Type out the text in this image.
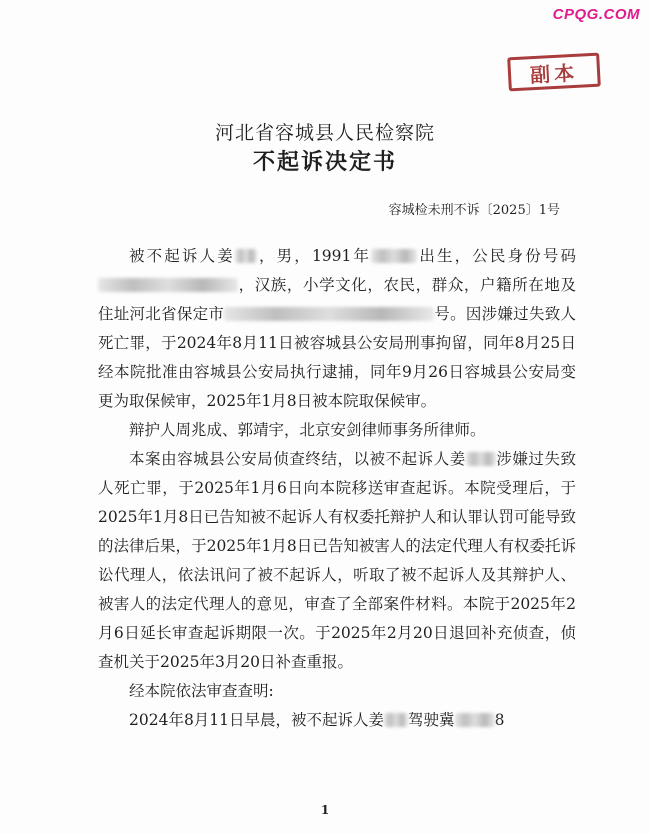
CPQG.COM
副本
河北省容城县人民检察院
不起诉决定书
容城检未刑不诉〔2025〕1号

被不起诉人姜 ，男，1991年	出生，公民身份号码，汉族，小学文化，农民，群众，户籍所在地及住址河北省保定市	号。因涉嫌过失致人死亡罪，于2024年8月11日被容城县公安局刑事拘留，同年8月25日经本院批准由容城县公安局执行逮捕，同年9月26日容城县公安局变更为取保候审，2025年1月8日被本院取保候审。

辩护人周兆成、郭靖宇，北京安剑律师事务所律师。

本案由容城县公安局侦查终结，以被不起诉人姜 涉嫌过失致人死亡罪，于2025年1月6日向本院移送审查起诉。本院受理后，于2025年1月8日已告知被不起诉人有权委托辩护人和认罪认罚可能导致的法律后果，于2025年1月8日已告知被害人的法定代理人有权委托诉讼代理人，依法讯问了被不起诉人，听取了被不起诉人及其辩护人、被害人的法定代理人的意见，审查了全部案件材料。本院于2025年2月6日延长审查起诉期限一次。于2025年2月20日退回补充侦查，侦查机关于2025年3月20日补查重报。

经本院依法审查查明:

2024年8月11日早晨，被不起诉人姜 驾驶冀	8

1
